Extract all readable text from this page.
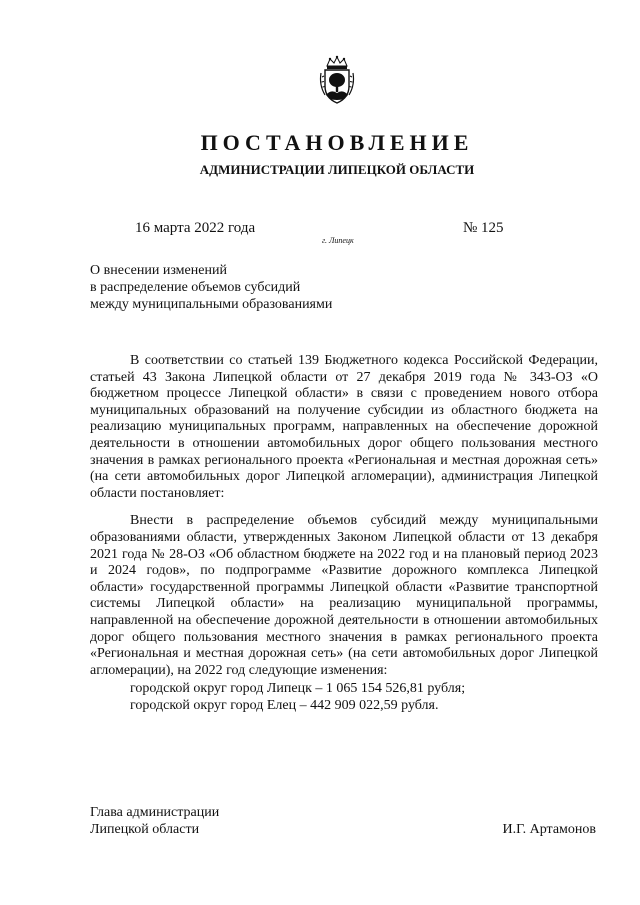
ПОСТАНОВЛЕНИЕ
АДМИНИСТРАЦИИ ЛИПЕЦКОЙ ОБЛАСТИ
16 марта 2022 года
г. Липецк
№ 125
О внесении изменений
в распределение объемов субсидий
между муниципальными образованиями

В соответствии со статьей 139 Бюджетного кодекса Российской Федерации, статьей 43 Закона Липецкой области от 27 декабря 2019 года № 343-ОЗ «О бюджетном процессе Липецкой области» в связи с проведением нового отбора муниципальных образований на получение субсидии из областного бюджета на реализацию муниципальных программ, направленных на обеспечение дорожной деятельности в отношении автомобильных дорог общего пользования местного значения в рамках регионального проекта «Региональная и местная дорожная сеть» (на сети автомобильных дорог Липецкой агломерации), администрация Липецкой области постановляет:

Внести в распределение объемов субсидий между муниципальными образованиями области, утвержденных Законом Липецкой области от 13 декабря 2021 года № 28-ОЗ «Об областном бюджете на 2022 год и на плановый период 2023 и 2024 годов», по подпрограмме «Развитие дорожного комплекса Липецкой области» государственной программы Липецкой области «Развитие транспортной системы Липецкой области» на реализацию муниципальной программы, направленной на обеспечение дорожной деятельности в отношении автомобильных дорог общего пользования местного значения в рамках регионального проекта «Региональная и местная дорожная сеть» (на сети автомобильных дорог Липецкой агломерации), на 2022 год следующие изменения:

городской округ город Липецк – 1 065 154 526,81 рубля;
городской округ город Елец – 442 909 022,59 рубля.
Глава администрации
Липецкой области	И.Г. Артамонов
